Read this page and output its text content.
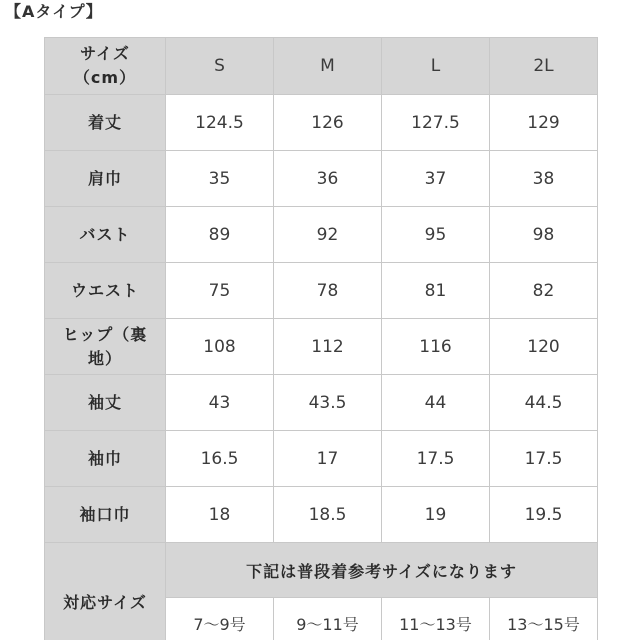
【Aタイプ】
サイズ
（cm）	S	M	L	2L
着丈	124.5	126	127.5	129
肩巾	35	36	37	38
バスト	89	92	95	98
ウエスト	75	78	81	82
ヒップ（裏
地）	108	112	116	120
袖丈	43	43.5	44	44.5
袖巾	16.5	17	17.5	17.5
袖口巾	18	18.5	19	19.5
対応サイズ	下記は普段着参考サイズになります			
	7〜9号	9〜11号	11〜13号	13〜15号
